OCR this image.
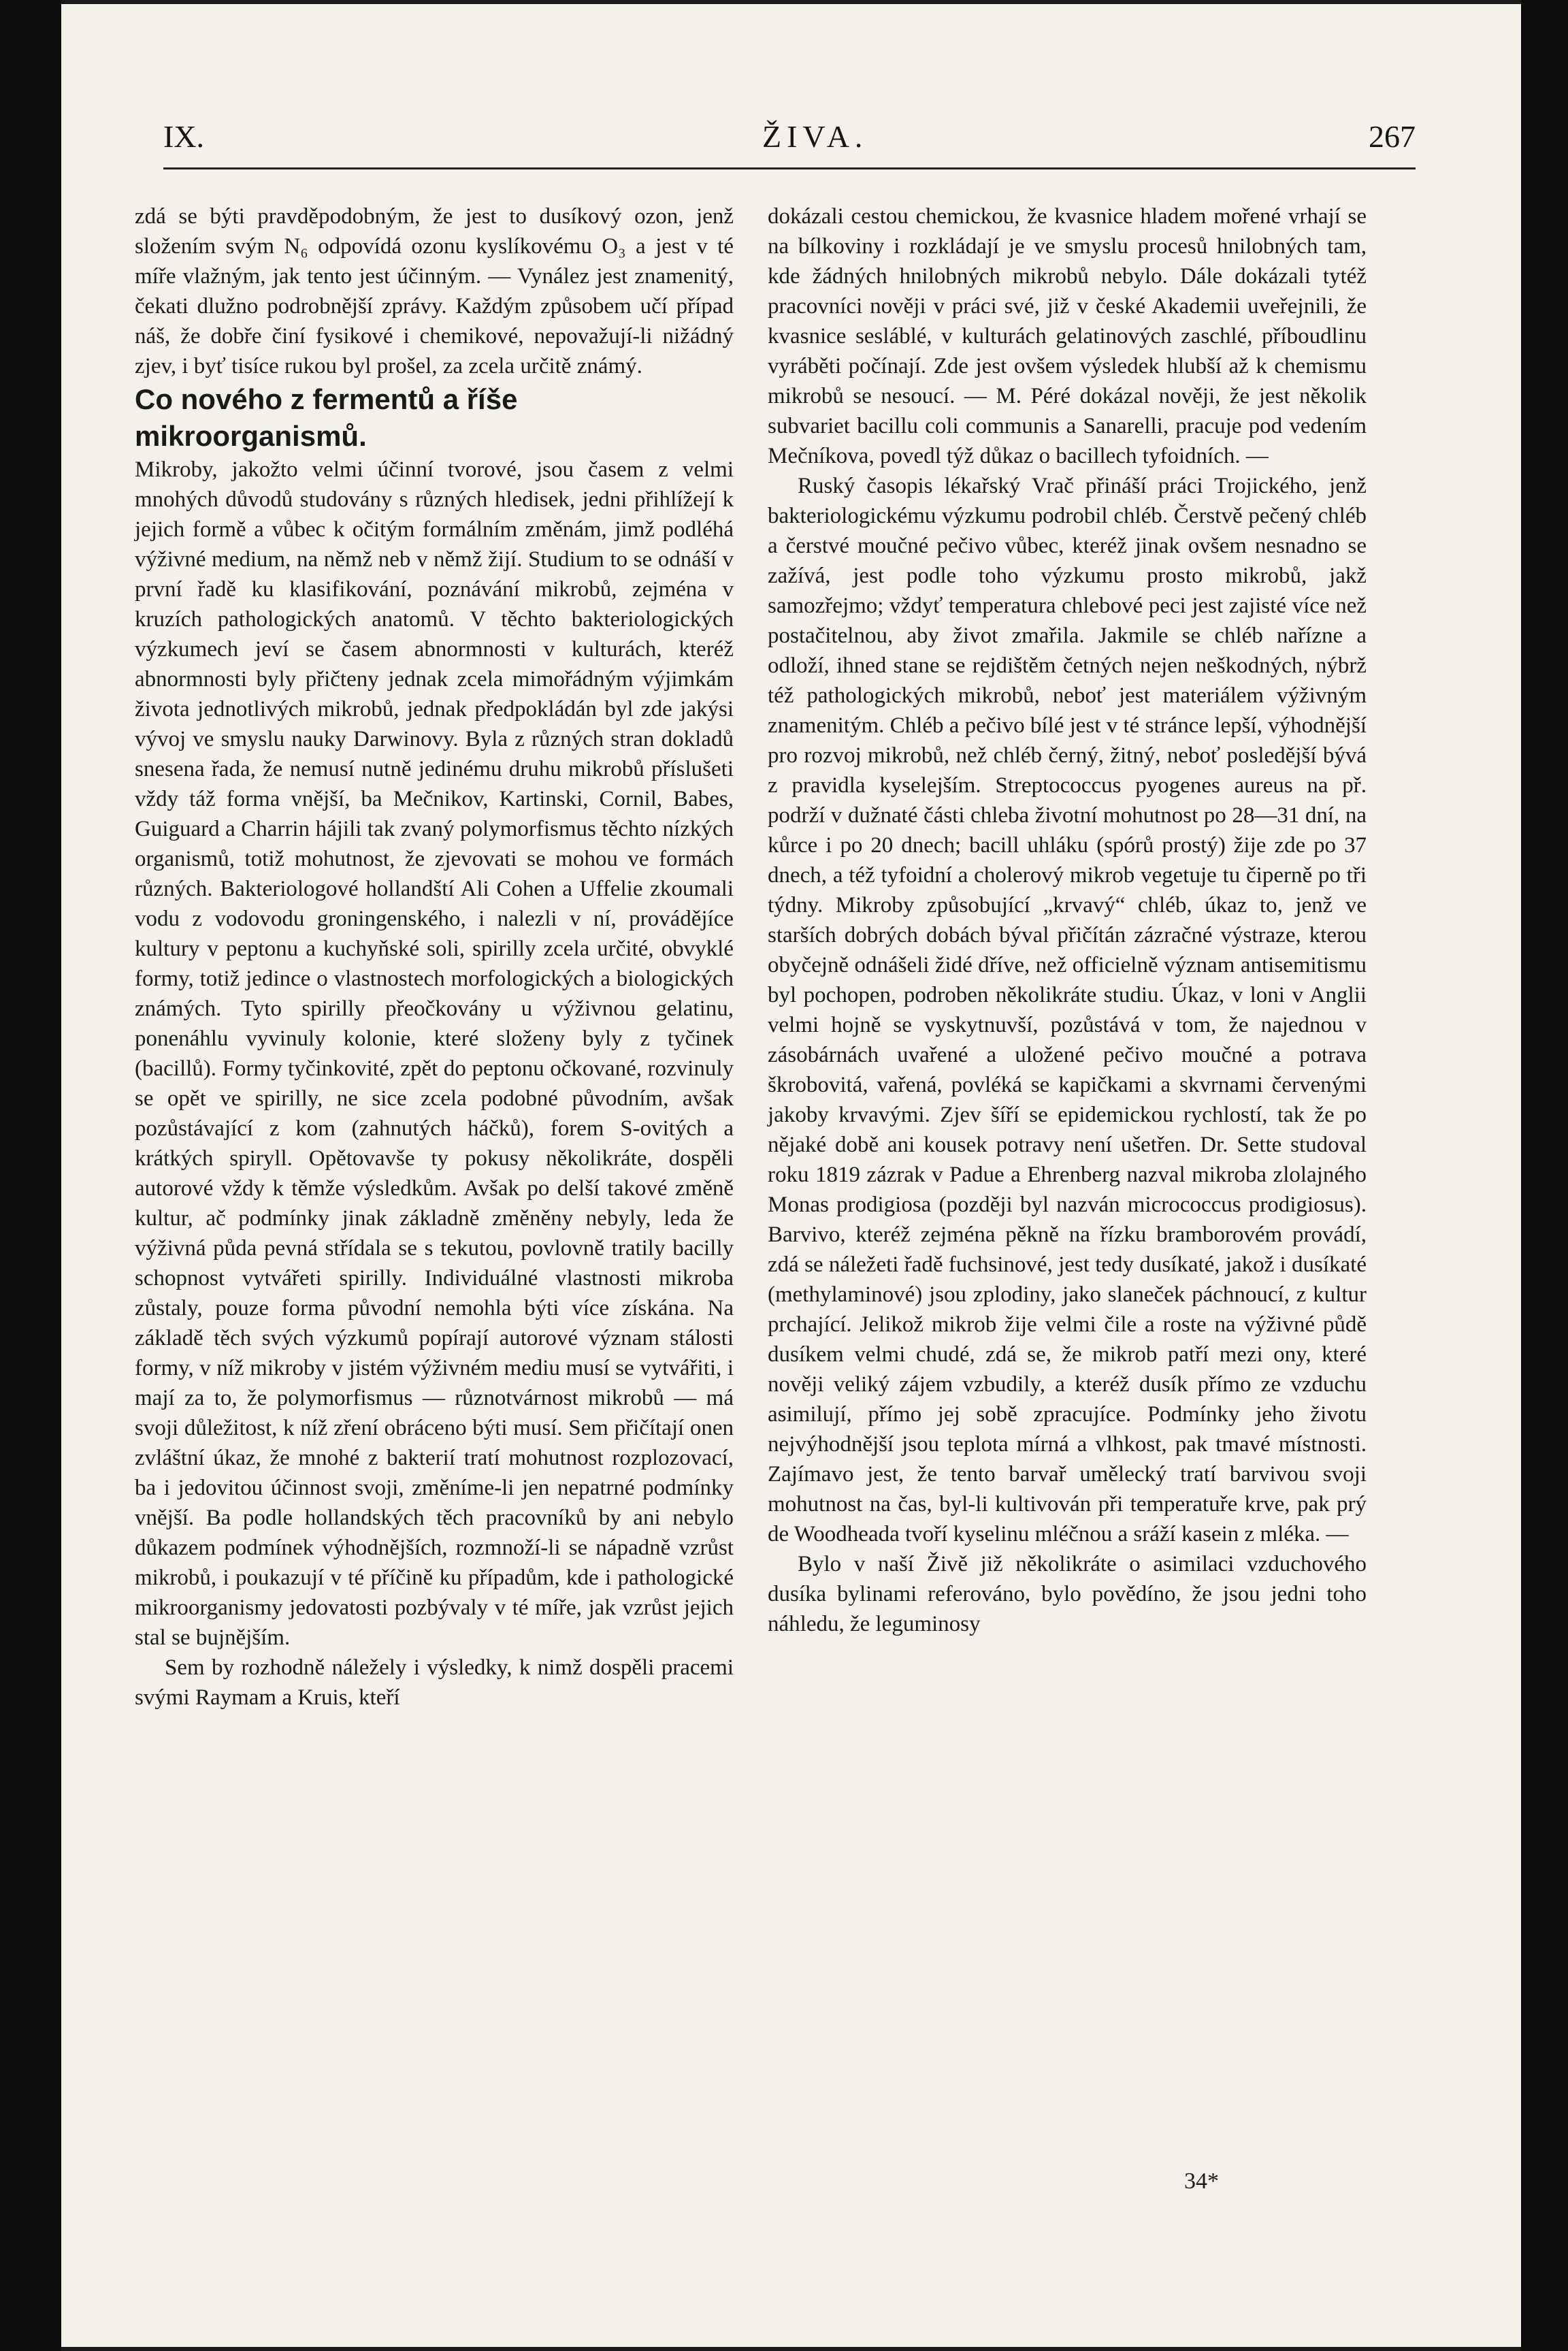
IX.	ŽIVA.	267

zdá se býti pravděpodobným, že jest to dusíkový ozon, jenž složením svým N₆ odpovídá ozonu kyslíkovému O₃ a jest v té míře vlažným, jak tento jest účinným. — Vynález jest znamenitý, čekati dlužno podrobnější zprávy. Každým způsobem učí případ náš, že dobře činí fysikové i chemikové, nepovažují-li nižádný zjev, i byť tisíce rukou byl prošel, za zcela určitě známý.

Co nového z fermentů a říše mikroorganismů.

Mikroby, jakožto velmi účinní tvorové, jsou časem z velmi mnohých důvodů studovány s různých hledisek, jedni přihlížejí k jejich formě a vůbec k očitým formálním změnám, jimž podléhá výživné medium, na němž neb v němž žijí. Studium to se odnáší v první řadě ku klasifikování, poznávání mikrobů, zejména v kruzích pathologických anatomů. V těchto bakteriologických výzkumech jeví se časem abnormnosti v kulturách, kteréž abnormnosti byly přičteny jednak zcela mimořádným výjimkám života jednotlivých mikrobů, jednak předpokládán byl zde jakýsi vývoj ve smyslu nauky Darwinovy. Byla z různých stran dokladů snesena řada, že nemusí nutně jedinému druhu mikrobů příslušeti vždy táž forma vnější, ba Mečnikov, Kartinski, Cornil, Babes, Guiguard a Charrin hájili tak zvaný polymorfismus těchto nízkých organismů, totiž mohutnost, že zjevovati se mohou ve formách různých. Bakteriologové hollandští Ali Cohen a Uffelie zkoumali vodu z vodovodu groningenského, i nalezli v ní, provádějíce kultury v peptonu a kuchyňské soli, spirilly zcela určité, obvyklé formy, totiž jedince o vlastnostech morfologických a biologických známých. Tyto spirilly přeočkovány u výživnou gelatinu, ponenáhlu vyvinuly kolonie, které složeny byly z tyčinek (bacillů). Formy tyčinkovité, zpět do peptonu očkované, rozvinuly se opět ve spirilly, ne sice zcela podobné původním, avšak pozůstávající z kom (zahnutých háčků), forem S-ovitých a krátkých spiryll. Opětovavše ty pokusy několikráte, dospěli autorové vždy k těmže výsledkům. Avšak po delší takové změně kultur, ač podmínky jinak základně změněny nebyly, leda že výživná půda pevná střídala se s tekutou, povlovně tratily bacilly schopnost vytvářeti spirilly. Individuálné vlastnosti mikroba zůstaly, pouze forma původní nemohla býti více získána. Na základě těch svých výzkumů popírají autorové význam stálosti formy, v níž mikroby v jistém výživném mediu musí se vytvářiti, i mají za to, že polymorfismus — různotvárnost mikrobů — má svoji důležitost, k níž zření obráceno býti musí. Sem přičítají onen zvláštní úkaz, že mnohé z bakterií tratí mohutnost rozplozovací, ba i jedovitou účinnost svoji, změníme-li jen nepatrné podmínky vnější. Ba podle hollandských těch pracovníků by ani nebylo důkazem podmínek výhodnějších, rozmnoží-li se nápadně vzrůst mikrobů, i poukazují v té příčině ku případům, kde i pathologické mikroorganismy jedovatosti pozbývaly v té míře, jak vzrůst jejich stal se bujnějším.

Sem by rozhodně náležely i výsledky, k nimž dospěli pracemi svými Raymam a Kruis, kteří

dokázali cestou chemickou, že kvasnice hladem mořené vrhají se na bílkoviny i rozkládají je ve smyslu procesů hnilobných tam, kde žádných hnilobných mikrobů nebylo. Dále dokázali tytéž pracovníci nověji v práci své, již v české Akademii uveřejnili, že kvasnice sesláblé, v kulturách gelatinových zaschlé, příboudlinu vyráběti počínají. Zde jest ovšem výsledek hlubší až k chemismu mikrobů se nesoucí. — M. Péré dokázal nověji, že jest několik subvariet bacillu coli communis a Sanarelli, pracuje pod vedením Mečníkova, povedl týž důkaz o bacillech tyfoidních. —

Ruský časopis lékařský Vrač přináší práci Trojického, jenž bakteriologickému výzkumu podrobil chléb. Čerstvě pečený chléb a čerstvé moučné pečivo vůbec, kteréž jinak ovšem nesnadno se zažívá, jest podle toho výzkumu prosto mikrobů, jakž samozřejmo; vždyť temperatura chlebové peci jest zajisté více než postačitelnou, aby život zmařila. Jakmile se chléb nařízne a odloží, ihned stane se rejdištěm četných nejen neškodných, nýbrž též pathologických mikrobů, neboť jest materiálem výživným znamenitým. Chléb a pečivo bílé jest v té stránce lepší, výhodnější pro rozvoj mikrobů, než chléb černý, žitný, neboť posledější bývá z pravidla kyselejším. Streptococcus pyogenes aureus na př. podrží v dužnaté části chleba životní mohutnost po 28—31 dní, na kůrce i po 20 dnech; bacill uhláku (spórů prostý) žije zde po 37 dnech, a též tyfoidní a cholerový mikrob vegetuje tu čiperně po tři týdny. Mikroby způsobující „krvavý“ chléb, úkaz to, jenž ve starších dobrých dobách býval přičítán zázračné výstraze, kterou obyčejně odnášeli židé dříve, než officielně význam antisemitismu byl pochopen, podroben několikráte studiu. Úkaz, v loni v Anglii velmi hojně se vyskytnuvší, pozůstává v tom, že najednou v zásobárnách uvařené a uložené pečivo moučné a potrava škrobovitá, vařená, povléká se kapičkami a skvrnami červenými jakoby krvavými. Zjev šíří se epidemickou rychlostí, tak že po nějaké době ani kousek potravy není ušetřen. Dr. Sette studoval roku 1819 zázrak v Padue a Ehrenberg nazval mikroba zlolajného Monas prodigiosa (později byl nazván micrococcus prodigiosus). Barvivo, kteréž zejména pěkně na řízku bramborovém provádí, zdá se náležeti řadě fuchsinové, jest tedy dusíkaté, jakož i dusíkaté (methylaminové) jsou zplodiny, jako slaneček páchnoucí, z kultur prchající. Jelikož mikrob žije velmi čile a roste na výživné půdě dusíkem velmi chudé, zdá se, že mikrob patří mezi ony, které nověji veliký zájem vzbudily, a kteréž dusík přímo ze vzduchu asimilují, přímo jej sobě zpracujíce. Podmínky jeho životu nejvýhodnější jsou teplota mírná a vlhkost, pak tmavé místnosti. Zajímavo jest, že tento barvař umělecký tratí barvivou svoji mohutnost na čas, byl-li kultivován při temperatuře krve, pak prý de Woodheada tvoří kyselinu mléčnou a sráží kasein z mléka. —

Bylo v naší Živě již několikráte o asimilaci vzduchového dusíka bylinami referováno, bylo povědíno, že jsou jedni toho náhledu, že leguminosy

34*
